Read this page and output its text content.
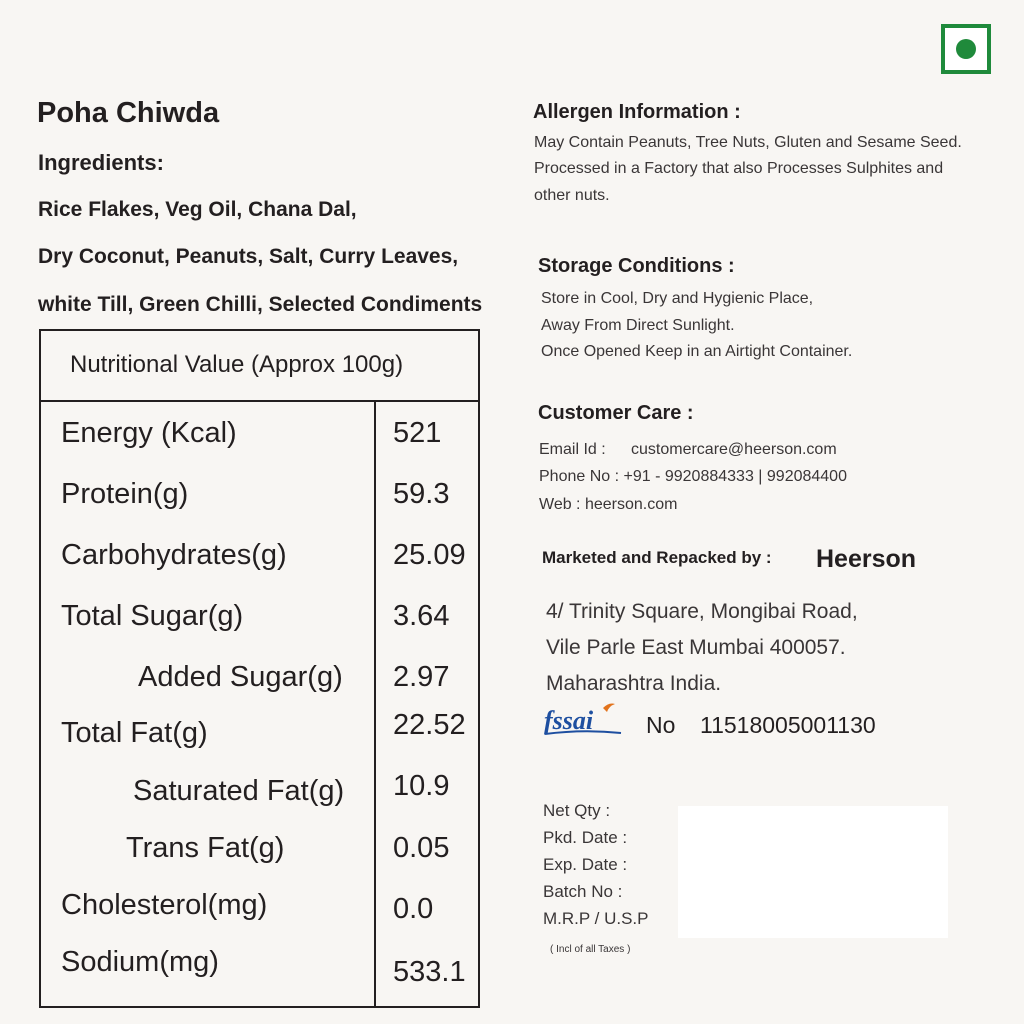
Poha Chiwda
Ingredients:
Rice Flakes, Veg Oil, Chana Dal,
Dry Coconut, Peanuts, Salt, Curry Leaves,
white Till, Green Chilli, Selected Condiments
Nutritional Value (Approx 100g)
Energy (Kcal)	521
Protein(g)	59.3
Carbohydrates(g)	25.09
Total Sugar(g)	3.64
Added Sugar(g) 2.97
Total Fat(g)	22.52
Saturated Fat(g) 10.9
Trans Fat(g)	0.05
Cholesterol(mg)	0.0
Sodium(mg)	533.1
Allergen Information :
May Contain Peanuts, Tree Nuts, Gluten and Sesame Seed.
Processed in a Factory that also Processes Sulphites and
other nuts.
Storage Conditions :
Store in Cool, Dry and Hygienic Place,
Away From Direct Sunlight.
Once Opened Keep in an Airtight Container.
Customer Care :
Email Id : customercare@heerson.com
Phone No : +91 - 9920884333 | 992084400
Web : heerson.com
Marketed and Repacked by : Heerson
4/ Trinity Square, Mongibai Road,
Vile Parle East Mumbai 400057.
Maharashtra India.
fssai No 11518005001130
Net Qty :
Pkd. Date :
Exp. Date :
Batch No :
M.R.P / U.S.P
( Incl of all Taxes )
